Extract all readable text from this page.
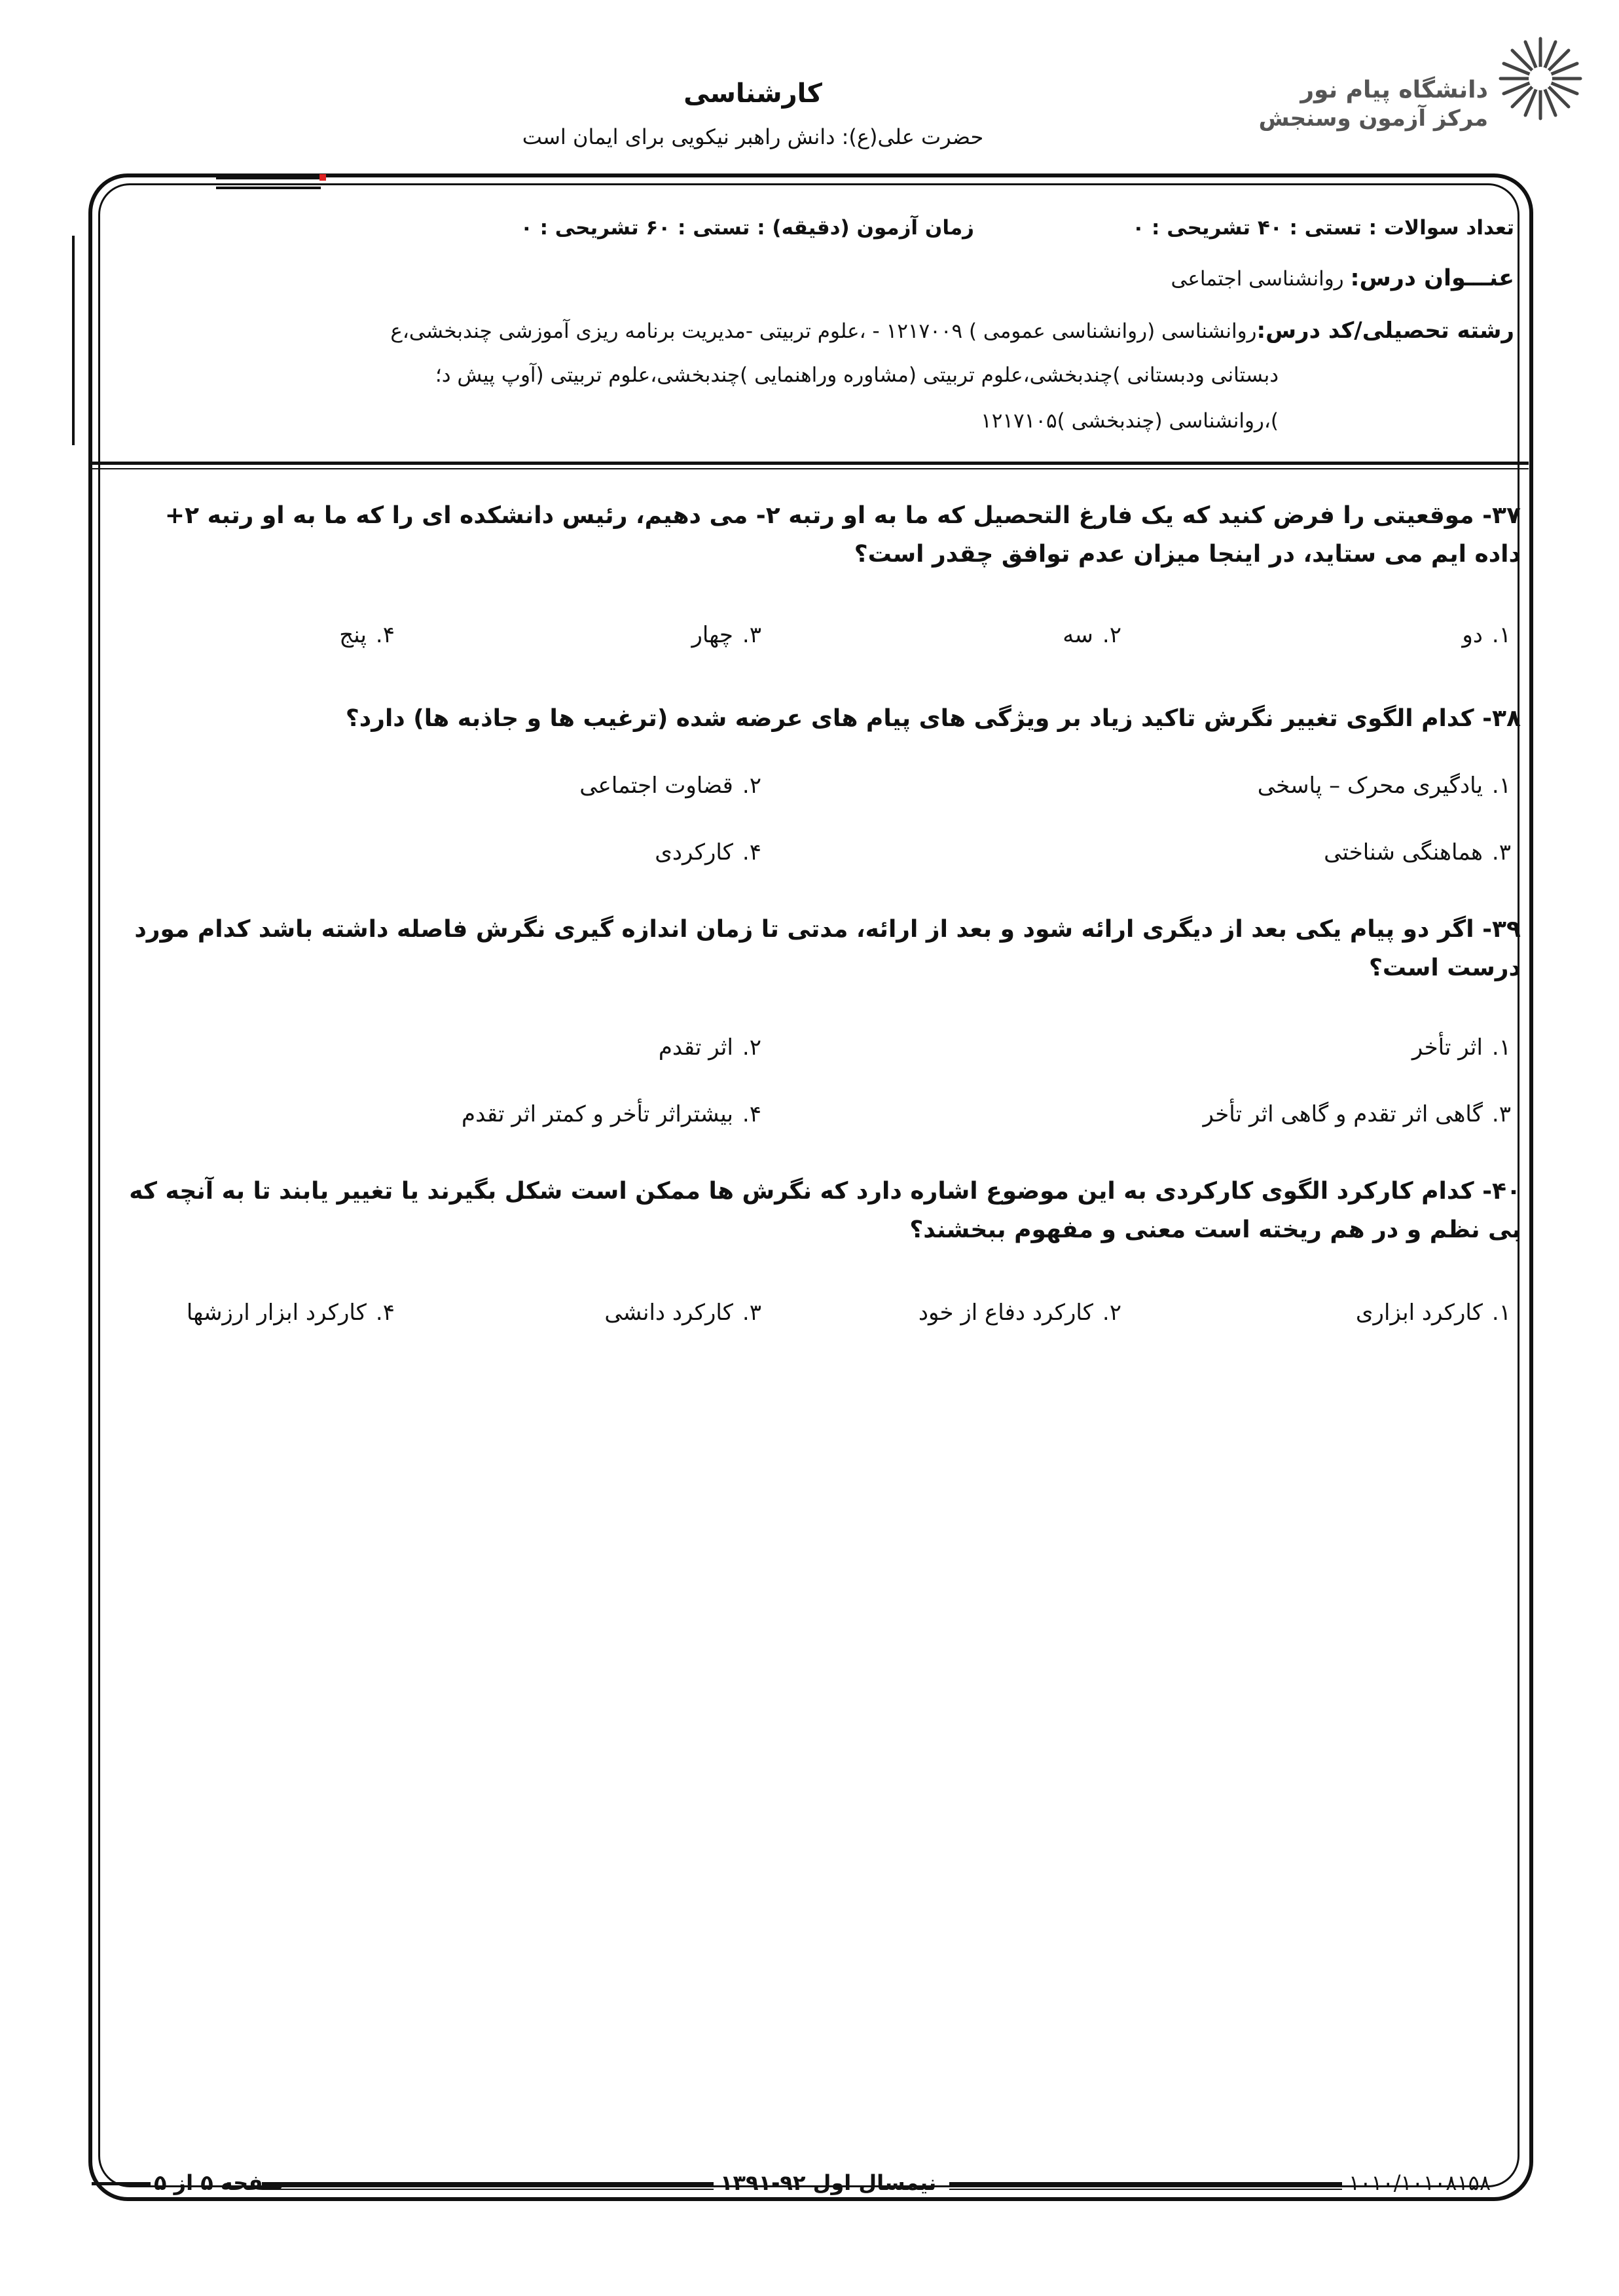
دانشگاه پیام نور
مرکز آزمون وسنجش
کارشناسی
حضرت علی(ع): دانش راهبر نیکویی برای ایمان است
تعداد سوالات : تستی : ۴۰ تشریحی : ۰
زمان آزمون (دقیقه) : تستی : ۶۰ تشریحی : ۰
عنـــوان درس: روانشناسی اجتماعی
رشته تحصیلی/کد درس:روانشناسی (روانشناسی عمومی ) ۱۲۱۷۰۰۹ - ،علوم تربیتی -مدیریت برنامه ریزی آموزشی چندبخشی،ع
دبستانی ودبستانی )چندبخشی،علوم تربیتی (مشاوره وراهنمایی )چندبخشی،علوم تربیتی (آوپ پیش د؛
)،روانشناسی (چندبخشی )۱۲۱۷۱۰۵
۳۷- موقعیتی را فرض کنید که یک فارغ التحصیل که ما به او رتبه ۲- می دهیم، رئیس دانشکده ای را که ما به او رتبه ۲+ داده ایم می ستاید، در اینجا میزان عدم توافق چقدر است؟
۱.دو
۲.سه
۳.چهار
۴.پنج
۳۸- کدام الگوی تغییر نگرش تاکید زیاد بر ویژگی های پیام های عرضه شده (ترغیب ها و جاذبه ها) دارد؟
۱.یادگیری محرک – پاسخی
۲.قضاوت اجتماعی
۳.هماهنگی شناختی
۴.کارکردی
۳۹- اگر دو پیام یکی بعد از دیگری ارائه شود و بعد از ارائه، مدتی تا زمان اندازه گیری نگرش فاصله داشته باشد کدام مورد درست است؟
۱.اثر تأخر
۲.اثر تقدم
۳.گاهی اثر تقدم و گاهی اثر تأخر
۴.بیشتراثر تأخر و کمتر اثر تقدم
۴۰- کدام کارکرد الگوی کارکردی به این موضوع اشاره دارد که نگرش ها ممکن است شکل بگیرند یا تغییر یابند تا به آنچه که بی نظم و در هم ریخته است معنی و مفهوم ببخشند؟
۱.کارکرد ابزاری
۲.کارکرد دفاع از خود
۳.کارکرد دانشی
۴.کارکرد ابزار ارزشها
صفحه ۵ از ۵	نیمسال اول ۹۲-۱۳۹۱	۱۰۱۰/۱۰۱۰۸۱۵۸
